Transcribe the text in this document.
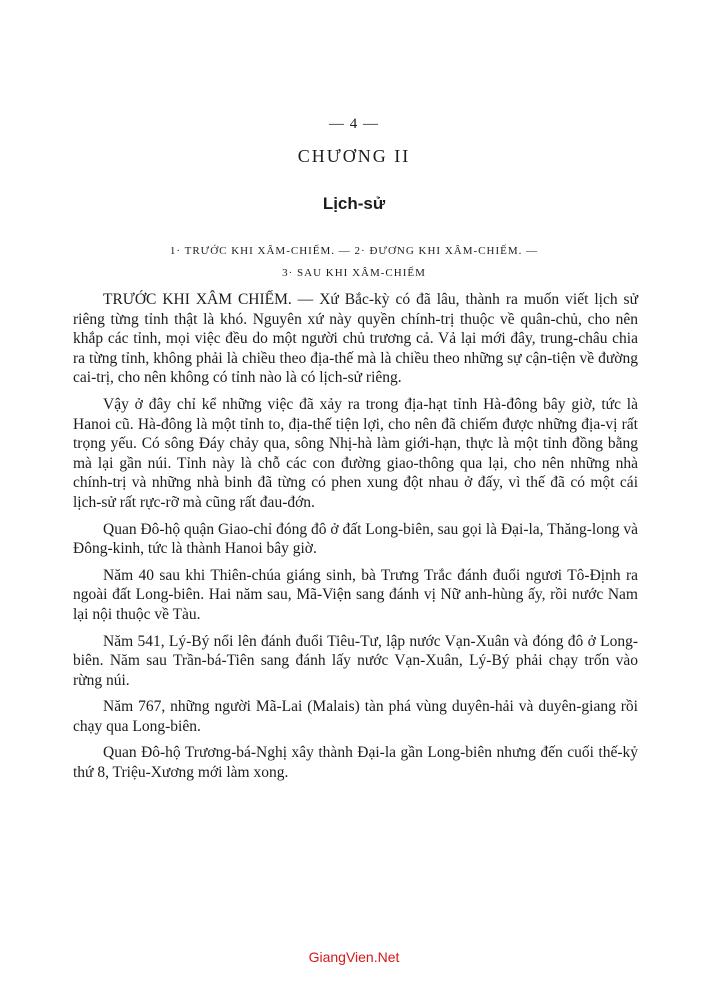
— 4 —
CHƯƠNG II
Lịch-sử
1· TRƯỚC KHI XÂM-CHIẾM. — 2· ĐƯƠNG KHI XÂM-CHIẾM. —
3· SAU KHI XÂM-CHIẾM

TRƯỚC KHI XÂM CHIẾM. — Xứ Bắc-kỳ có đã lâu, thành ra muốn viết lịch sử riêng từng tỉnh thật là khó. Nguyên xứ này quyền chính-trị thuộc về quân-chủ, cho nên khắp các tỉnh, mọi việc đều do một người chủ trương cả. Vả lại mới đây, trung-châu chia ra từng tỉnh, không phải là chiều theo địa-thế mà là chiều theo những sự cận-tiện về đường cai-trị, cho nên không có tỉnh nào là có lịch-sử riêng.

Vậy ở đây chỉ kể những việc đã xảy ra trong địa-hạt tỉnh Hà-đông bây giờ, tức là Hanoi cũ. Hà-đông là một tỉnh to, địa-thế tiện lợi, cho nên đã chiếm được những địa-vị rất trọng yếu. Có sông Đáy chảy qua, sông Nhị-hà làm giới-hạn, thực là một tỉnh đồng bằng mà lại gần núi. Tỉnh này là chỗ các con đường giao-thông qua lại, cho nên những nhà chính-trị và những nhà binh đã từng có phen xung đột nhau ở đấy, vì thế đã có một cái lịch-sử rất rực-rỡ mà cũng rất đau-đớn.

Quan Đô-hộ quận Giao-chỉ đóng đô ở đất Long-biên, sau gọi là Đại-la, Thăng-long và Đông-kinh, tức là thành Hanoi bây giờ.

Năm 40 sau khi Thiên-chúa giáng sinh, bà Trưng Trắc đánh đuổi ngươi Tô-Định ra ngoài đất Long-biên. Hai năm sau, Mã-Viện sang đánh vị Nữ anh-hùng ấy, rồi nước Nam lại nội thuộc về Tàu.

Năm 541, Lý-Bý nổi lên đánh đuổi Tiêu-Tư, lập nước Vạn-Xuân và đóng đô ở Long-biên. Năm sau Trần-bá-Tiên sang đánh lấy nước Vạn-Xuân, Lý-Bý phải chạy trốn vào rừng núi.

Năm 767, những người Mã-Lai (Malais) tàn phá vùng duyên-hải và duyên-giang rồi chạy qua Long-biên.

Quan Đô-hộ Trương-bá-Nghị xây thành Đại-la gần Long-biên nhưng đến cuối thế-kỷ thứ 8, Triệu-Xương mới làm xong.

GiangVien.Net
